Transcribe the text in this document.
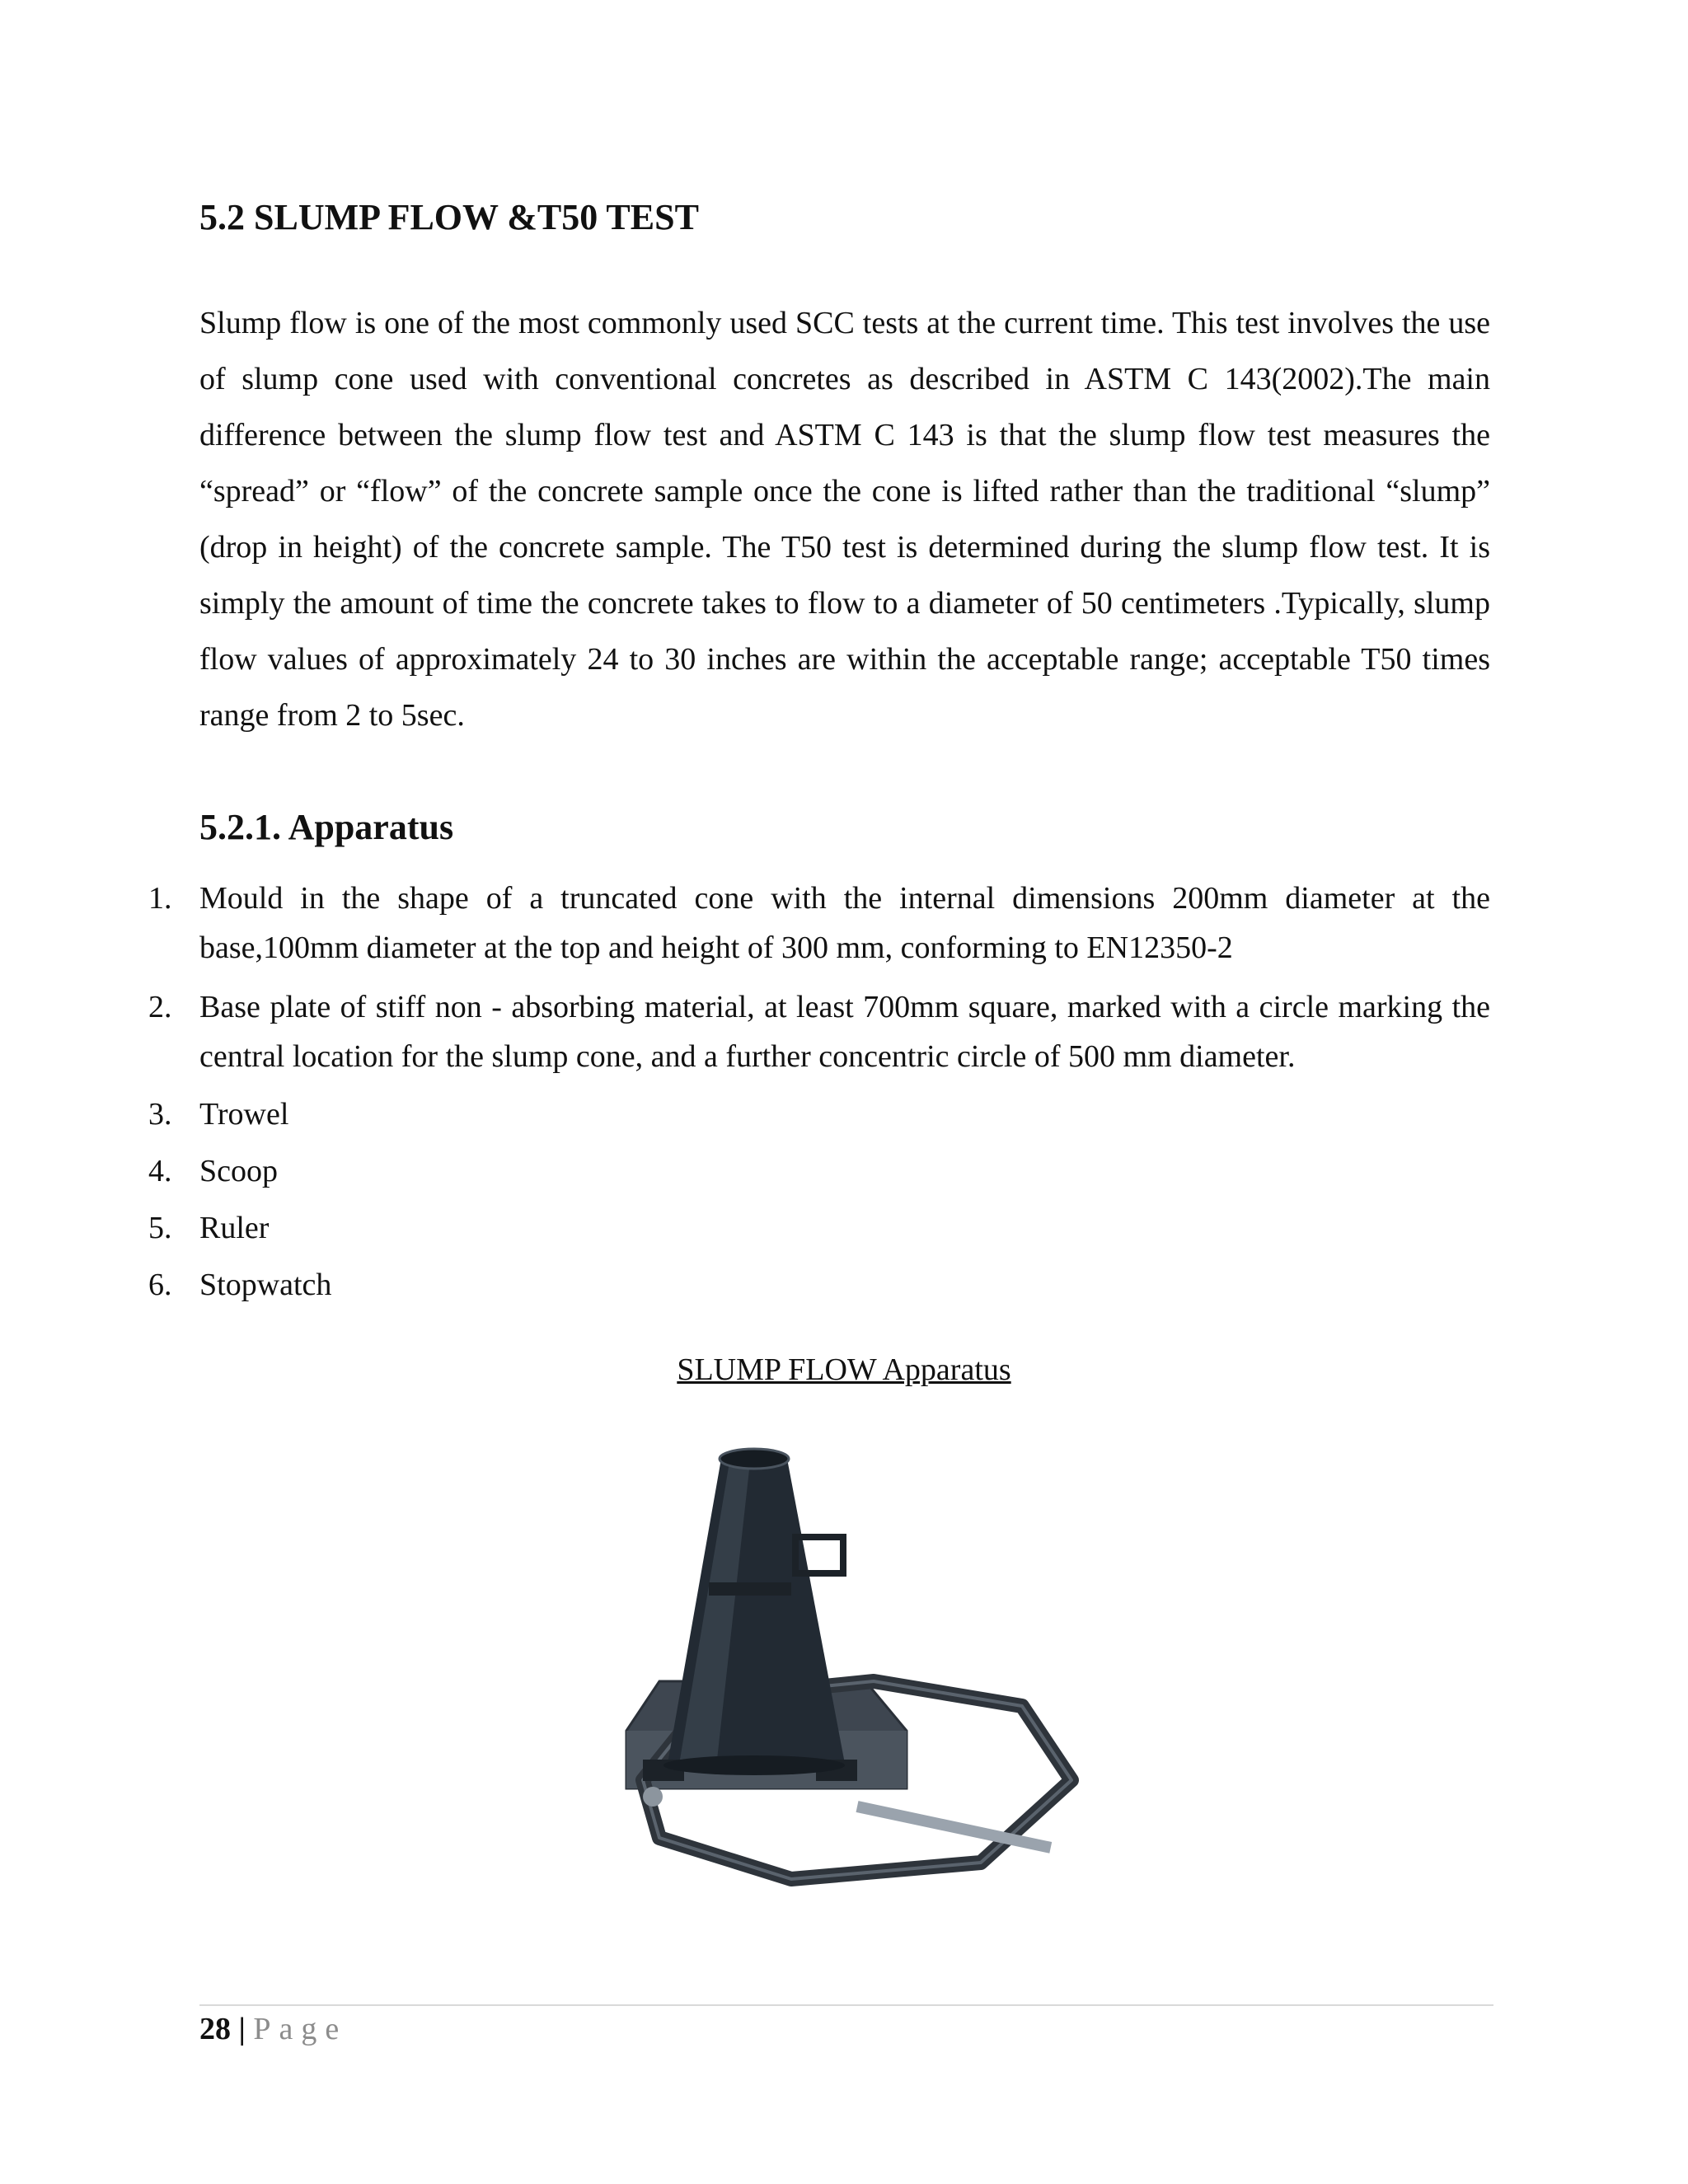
5.2 SLUMP FLOW &T50 TEST

Slump flow is one of the most commonly used SCC tests at the current time. This test involves the use of slump cone used with conventional concretes as described in ASTM C 143(2002).The main difference between the slump flow test and ASTM C 143 is that the slump flow test measures the “spread” or “flow” of the concrete sample once the cone is lifted rather than the traditional “slump” (drop in height) of the concrete sample. The T50 test is determined during the slump flow test. It is simply the amount of time the concrete takes to flow to a diameter of 50 centimeters .Typically, slump flow values of approximately 24 to 30 inches are within the acceptable range; acceptable T50 times range from 2 to 5sec.

5.2.1. Apparatus
1. Mould in the shape of a truncated cone with the internal dimensions 200mm diameter at the base,100mm diameter at the top and height of 300 mm, conforming to EN12350-2
2. Base plate of stiff non - absorbing material, at least 700mm square, marked with a circle marking the central location for the slump cone, and a further concentric circle of 500 mm diameter.
3. Trowel
4. Scoop
5. Ruler
6. Stopwatch
SLUMP FLOW Apparatus
28 | Page
